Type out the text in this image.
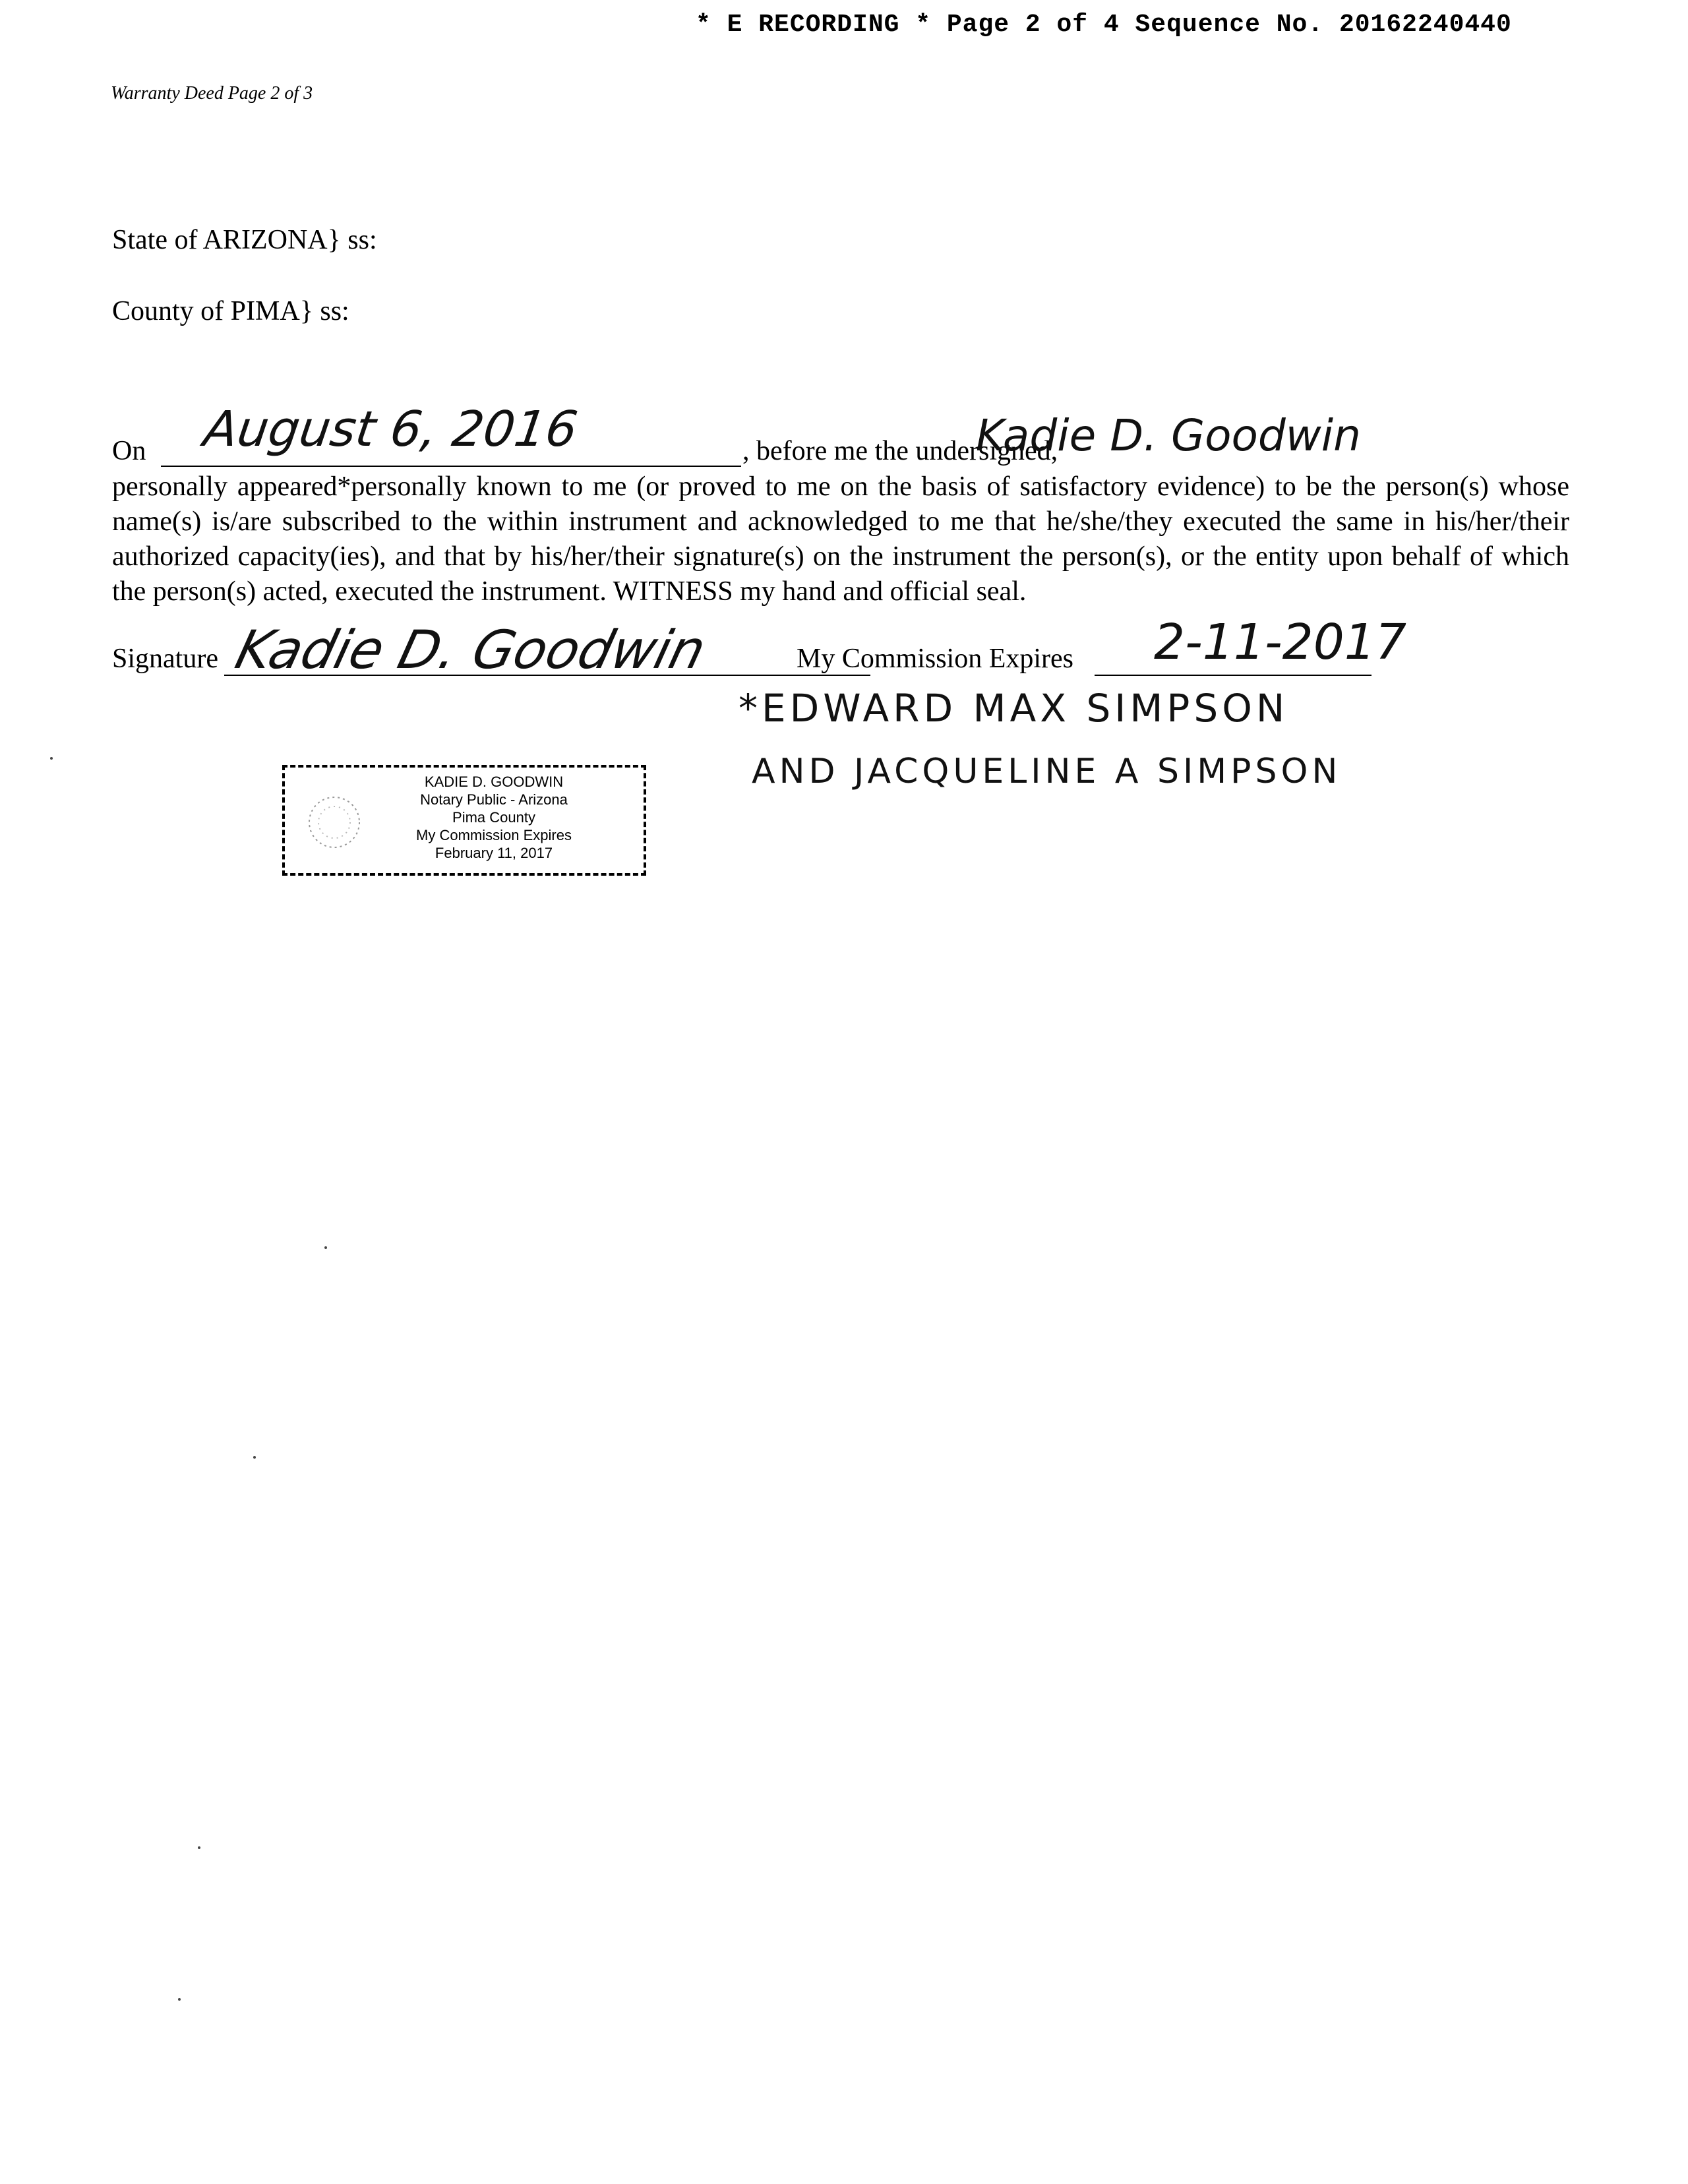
* E RECORDING * Page 2 of 4 Sequence No. 20162240440
Warranty Deed Page 2 of 3
State of ARIZONA} ss:
County of PIMA} ss:
On August 6, 2016	, before me the undersigned,
Kadie D. Goodwin
personally appeared*personally known to me (or proved to me on the basis of satisfactory evidence) to be the person(s) whose name(s) is/are subscribed to the within instrument and acknowledged to me that he/she/they executed the same in his/her/their authorized capacity(ies), and that by his/her/their signature(s) on the instrument the person(s), or the entity upon behalf of which the person(s) acted, executed the instrument. WITNESS my hand and official seal.
Signature Kadie D. Goodwin	My Commission Expires 2-11-2017
*EDWARD MAX SIMPSON
AND JACQUELINE A SIMPSON
KADIE D. GOODWIN
Notary Public - Arizona
Pima County
My Commission Expires
February 11, 2017
